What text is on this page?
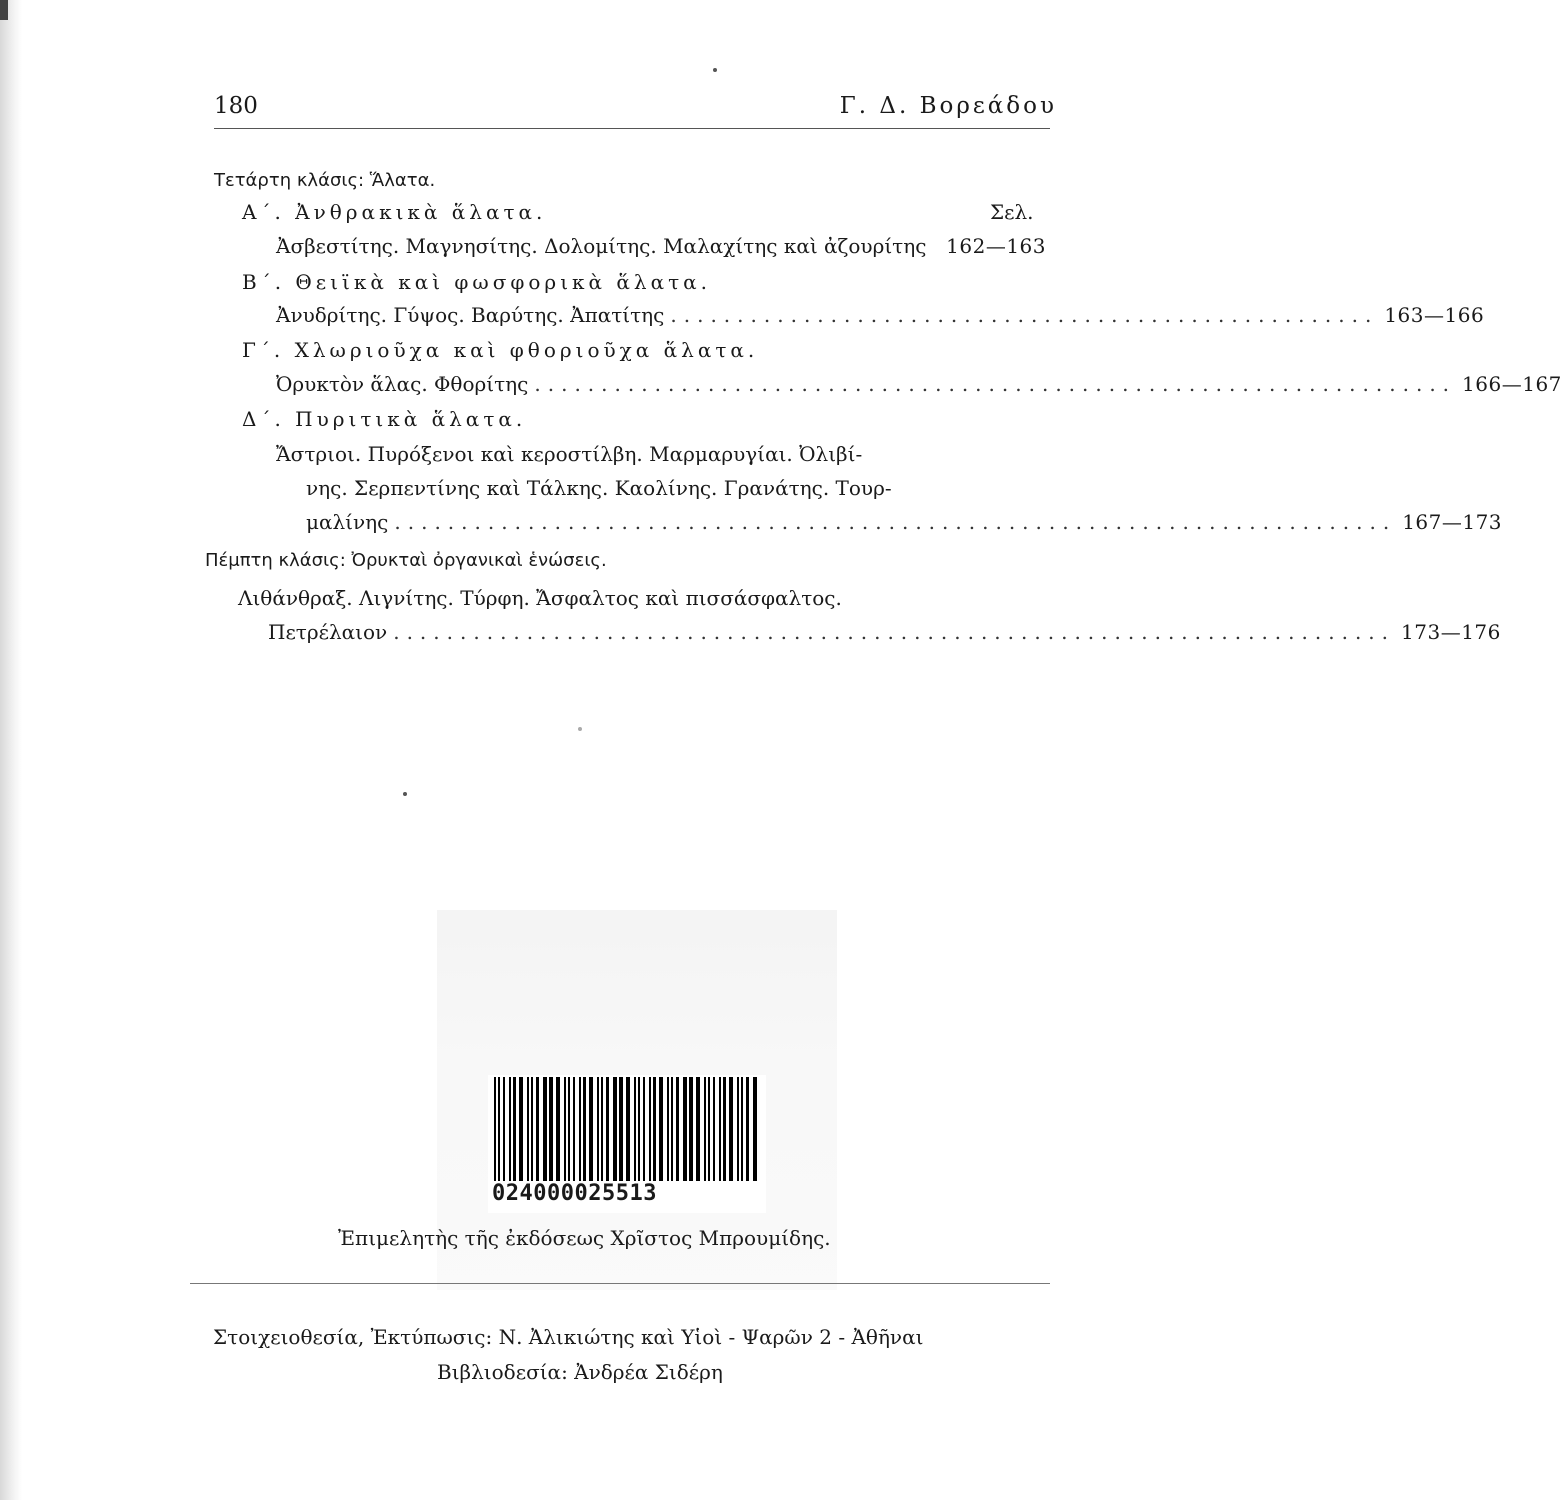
180	Γ. Δ. Βορεάδου
Τετάρτη κλάσις: Ἅλατα.
Α΄. Ἀνθρακικὰ ἅλατα.	Σελ.
Ἀσβεστίτης. Μαγνησίτης. Δολομίτης. Μαλαχίτης καὶ ἀζουρίτης 162—163
Β΄. Θειϊκὰ καὶ φωσφορικὰ ἅλατα.
Ἀνυδρίτης. Γύψος. Βαρύτης. Ἀπατίτης ..................................................... 163—166
Γ΄. Χλωριοῦχα καὶ φθοριοῦχα ἅλατα.
Ὀρυκτὸν ἅλας. Φθορίτης ..................................................................... 166—167
Δ΄. Πυριτικὰ ἅλατα.
Ἄστριοι. Πυρόξενοι καὶ κεροστίλβη. Μαρμαρυγίαι. Ὀλιβί-
νης. Σερπεντίνης καὶ Τάλκης. Καολίνης. Γρανάτης. Τουρ-
μαλίνης ........................................................................... 167—173
Πέμπτη κλάσις: Ὀρυκταὶ ὀργανικαὶ ἑνώσεις.
Λιθάνθραξ. Λιγνίτης. Τύρφη. Ἄσφαλτος καὶ πισσάσφαλτος.
Πετρέλαιον ........................................................................... 173—176
024000025513
Ἐπιμελητὴς τῆς ἐκδόσεως Χρῖστος Μπρουμίδης.
Στοιχειοθεσία, Ἐκτύπωσις: Ν. Ἀλικιώτης καὶ Υἱοὶ - Ψαρῶν 2 - Ἀθῆναι
Βιβλιοδεσία: Ἀνδρέα Σιδέρη
